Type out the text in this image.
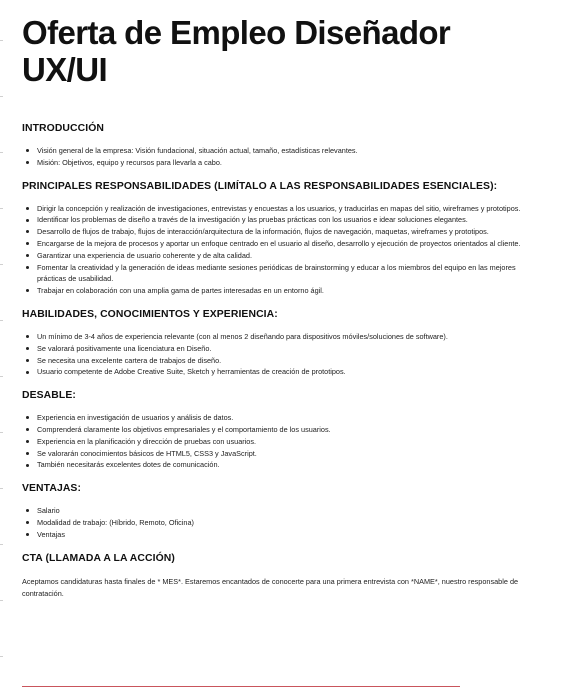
Oferta de Empleo Diseñador UX/UI
INTRODUCCIÓN
Visión general de la empresa: Visión fundacional, situación actual, tamaño, estadísticas relevantes.
Misión: Objetivos, equipo y recursos para llevarla a cabo.
PRINCIPALES RESPONSABILIDADES (LIMÍTALO A LAS RESPONSABILIDADES ESENCIALES):
Dirigir la concepción y realización de investigaciones, entrevistas y encuestas a los usuarios, y traducirlas en mapas del sitio, wireframes y prototipos.
Identificar los problemas de diseño a través de la investigación y las pruebas prácticas con los usuarios e idear soluciones elegantes.
Desarrollo de flujos de trabajo, flujos de interacción/arquitectura de la información, flujos de navegación, maquetas, wireframes y prototipos.
Encargarse de la mejora de procesos y aportar un enfoque centrado en el usuario al diseño, desarrollo y ejecución de proyectos orientados al cliente.
Garantizar una experiencia de usuario coherente y de alta calidad.
Fomentar la creatividad y la generación de ideas mediante sesiones periódicas de brainstorming y educar a los miembros del equipo en las mejores prácticas de usabilidad.
Trabajar en colaboración con una amplia gama de partes interesadas en un entorno ágil.
HABILIDADES, CONOCIMIENTOS Y EXPERIENCIA:
Un mínimo de 3-4 años de experiencia relevante (con al menos 2 diseñando para dispositivos móviles/soluciones de software).
Se valorará positivamente una licenciatura en Diseño.
Se necesita una excelente cartera de trabajos de diseño.
Usuario competente de Adobe Creative Suite, Sketch y herramientas de creación de prototipos.
DESABLE:
Experiencia en investigación de usuarios y análisis de datos.
Comprenderá claramente los objetivos empresariales y el comportamiento de los usuarios.
Experiencia en la planificación y dirección de pruebas con usuarios.
Se valorarán conocimientos básicos de HTML5, CSS3 y JavaScript.
También necesitarás excelentes dotes de comunicación.
VENTAJAS:
Salario
Modalidad de trabajo: (Híbrido, Remoto, Oficina)
Ventajas
CTA (LLAMADA A LA ACCIÓN)

Aceptamos candidaturas hasta finales de * MES*. Estaremos encantados de conocerte para una primera entrevista con *NAME*, nuestro responsable de contratación.
